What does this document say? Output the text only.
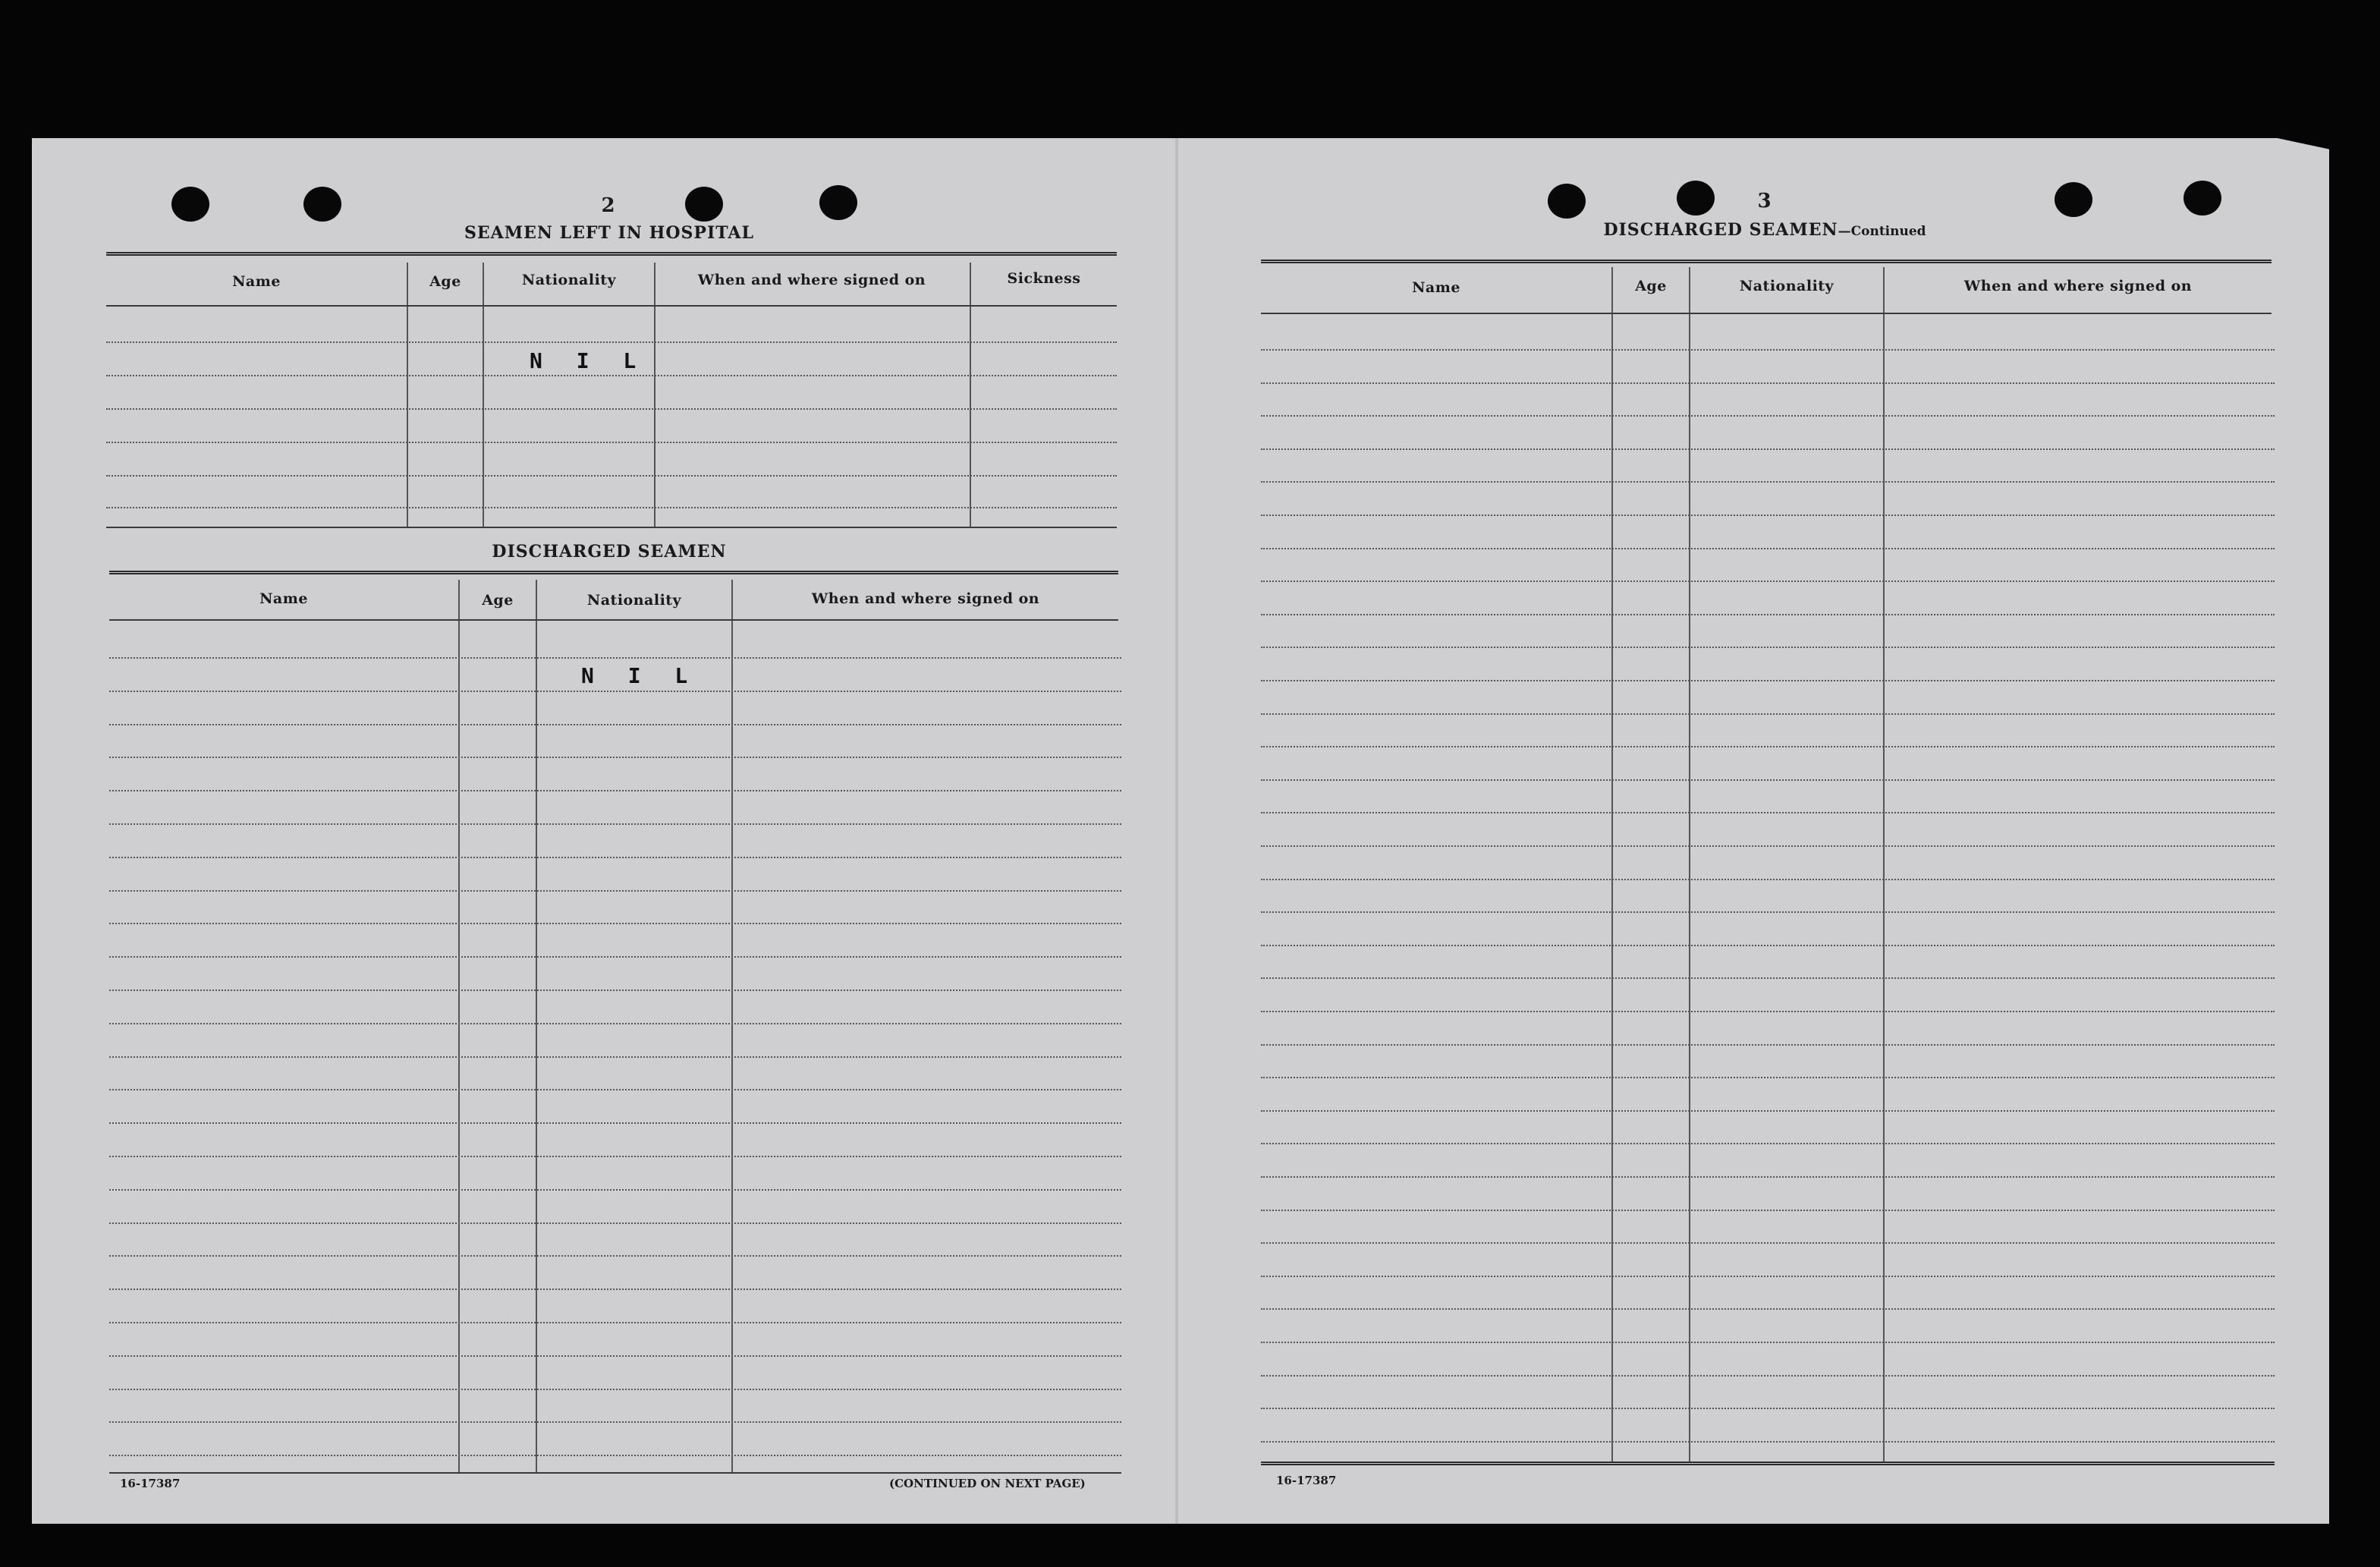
2
SEAMEN LEFT IN HOSPITAL
Name	Age	Nationality	When and where signed on	Sickness
N I L
DISCHARGED SEAMEN
Name	Age	Nationality	When and where signed on
N I L
16-17387	(CONTINUED ON NEXT PAGE)
3
DISCHARGED SEAMEN—Continued
Name	Age	Nationality	When and where signed on
16-17387
